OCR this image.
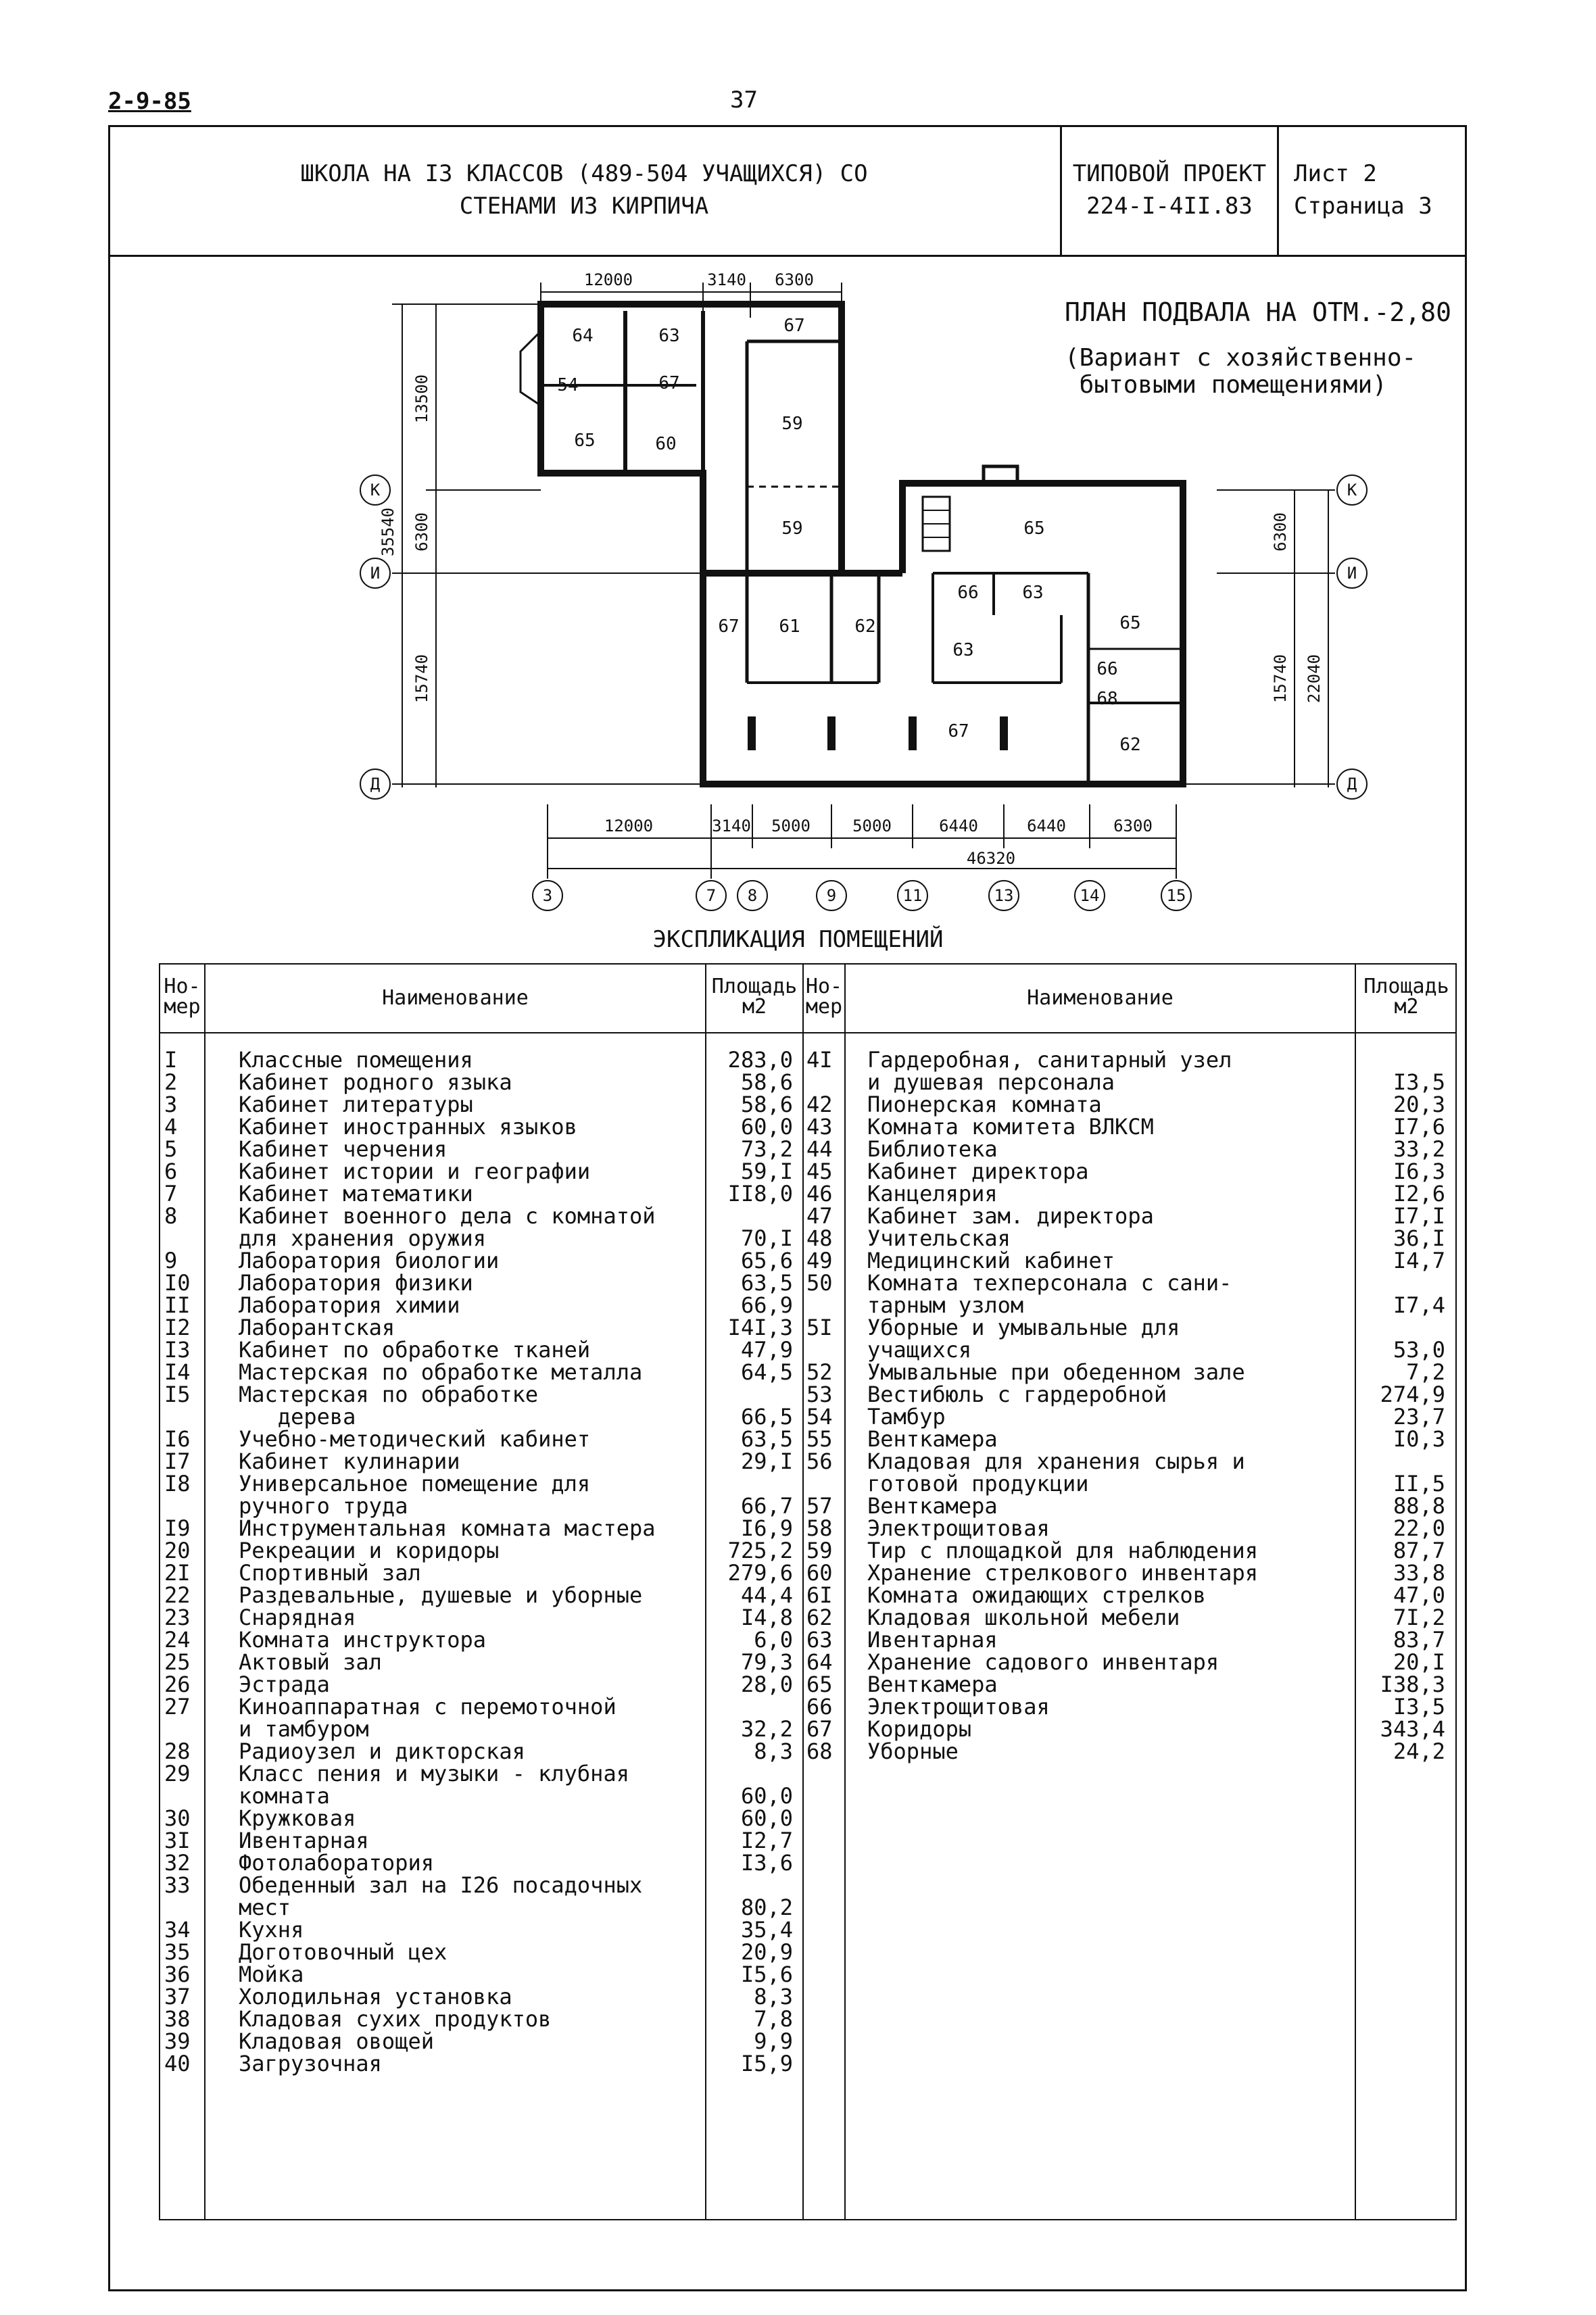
2-9-85	37
ШКОЛА НА I3 КЛАССОВ (489-504 УЧАЩИХСЯ) СО
СТЕНАМИ ИЗ КИРПИЧА
ТИПОВОЙ ПРОЕКТ
224-I-4II.83
Лист 2
Страница 3
ПЛАН ПОДВАЛА НА ОТМ.-2,80
(Вариант с хозяйственно-
бытовыми помещениями)
12000	3140 6300
12000	3140 5000	5000	6440	6440	6300
46320
13500
6300
15740
35540	6300
15740 22040
К
И
Д
К
И
Д
3	7 8	9	11	13	14	15
64	63	67
54	67
65	60
59
59	65
67 61	62
66 63
63
65
66
68
67
62
ЭКСПЛИКАЦИЯ ПОМЕЩЕНИЙ
Но-
мер	Наименование	Площадь
м2
Но-
мер	Наименование	Площадь
м2
I	Классные помещения	283,0
2	Кабинет родного языка	58,6
3	Кабинет литературы	58,6
4	Кабинет иностранных языков	60,0
5	Кабинет черчения	73,2
6	Кабинет истории и географии	59,I
7	Кабинет математики	II8,0
8	Кабинет военного дела с комнатой
для хранения оружия	70,I
9	Лаборатория биологии	65,6
I0 Лаборатория физики	63,5
II Лаборатория химии	66,9
I2 Лаборантская	I4I,3
I3 Кабинет по обработке тканей	47,9
I4 Мастерская по обработке металла	64,5
I5 Мастерская по обработке
дерева	66,5
I6 Учебно-методический кабинет	63,5
I7 Кабинет кулинарии	29,I
I8 Универсальное помещение для
ручного труда	66,7
I9 Инструментальная комната мастера	I6,9
20 Рекреации и коридоры	725,2
2I Спортивный зал	279,6
22 Раздевальные, душевые и уборные	44,4
23 Снарядная	I4,8
24 Комната инструктора	6,0
25 Актовый зал	79,3
26 Эстрада	28,0
27 Киноаппаратная с перемоточной
и тамбуром	32,2
28 Радиоузел и дикторская	8,3
29 Класс пения и музыки - клубная
комната	60,0
30 Кружковая	60,0
3I Ивентарная	I2,7
32 Фотолаборатория	I3,6
33 Обеденный зал на I26 посадочных
мест	80,2
34 Кухня	35,4
35 Доготовочный цех	20,9
36 Мойка	I5,6
37 Холодильная установка	8,3
38 Кладовая сухих продуктов	7,8
39 Кладовая овощей	9,9
40 Загрузочная	I5,9
4I Гардеробная, санитарный узел
и душевая персонала	I3,5
42 Пионерская комната	20,3
43 Комната комитета ВЛКСМ	I7,6
44 Библиотека	33,2
45 Кабинет директора	I6,3
46 Канцелярия	I2,6
47 Кабинет зам. директора	I7,I
48 Учительская	36,I
49 Медицинский кабинет	I4,7
50 Комната техперсонала с сани-
тарным узлом	I7,4
5I Уборные и умывальные для
учащихся	53,0
52 Умывальные при обеденном зале	7,2
53 Вестибюль с гардеробной	274,9
54 Тамбур	23,7
55 Венткамера	I0,3
56 Кладовая для хранения сырья и
готовой продукции	II,5
57 Венткамера	88,8
58 Электрощитовая	22,0
59 Тир с площадкой для наблюдения	87,7
60 Хранение стрелкового инвентаря	33,8
6I Комната ожидающих стрелков	47,0
62 Кладовая школьной мебели	7I,2
63 Ивентарная	83,7
64 Хранение садового инвентаря	20,I
65 Венткамера	I38,3
66 Электрощитовая	I3,5
67 Коридоры	343,4
68 Уборные	24,2
